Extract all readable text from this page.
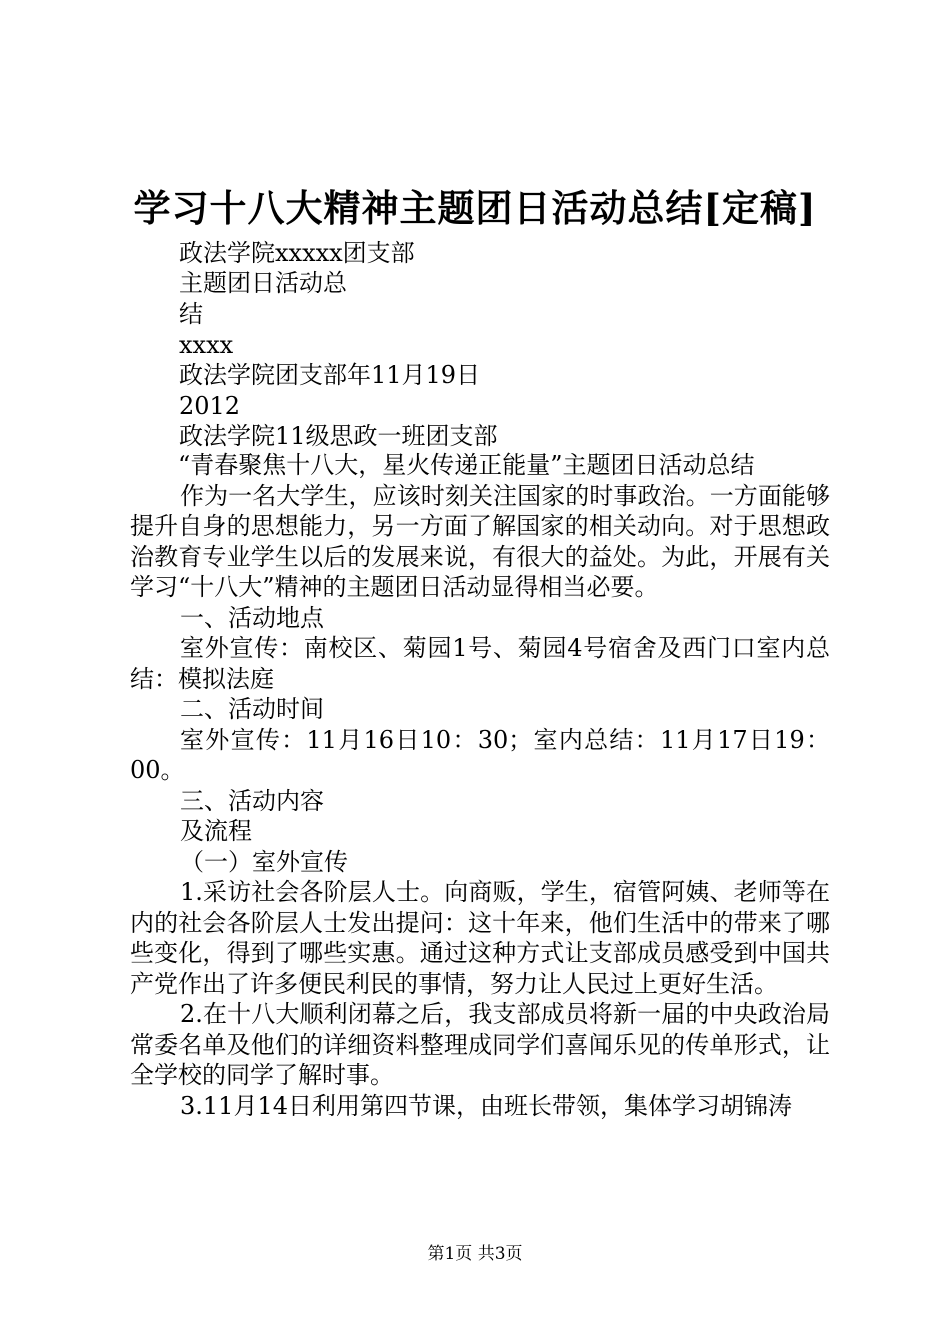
学习十八大精神主题团日活动总结[定稿]
政法学院xxxxx团支部
主题团日活动总
结
xxxx
政法学院团支部年11月19日
2012
政法学院11级思政一班团支部

“青春聚焦十八大，星火传递正能量”主题团日活动总结

作为一名大学生，应该时刻关注国家的时事政治。一方面能够提升自身的思想能力，另一方面了解国家的相关动向。对于思想政治教育专业学生以后的发展来说，有很大的益处。为此，开展有关学习“十八大”精神的主题团日活动显得相当必要。

一、活动地点

室外宣传：南校区、菊园1号、菊园4号宿舍及西门口室内总结：模拟法庭

二、活动时间

室外宣传：11月16日10：30；室内总结：11月17日19：00。

三、活动内容

及流程

（一）室外宣传

1.采访社会各阶层人士。向商贩，学生，宿管阿姨、老师等在内的社会各阶层人士发出提问：这十年来，他们生活中的带来了哪些变化，得到了哪些实惠。通过这种方式让支部成员感受到中国共产党作出了许多便民利民的事情，努力让人民过上更好生活。

2.在十八大顺利闭幕之后，我支部成员将新一届的中央政治局常委名单及他们的详细资料整理成同学们喜闻乐见的传单形式，让全学校的同学了解时事。

3.11月14日利用第四节课，由班长带领，集体学习胡锦涛

第1页 共3页
